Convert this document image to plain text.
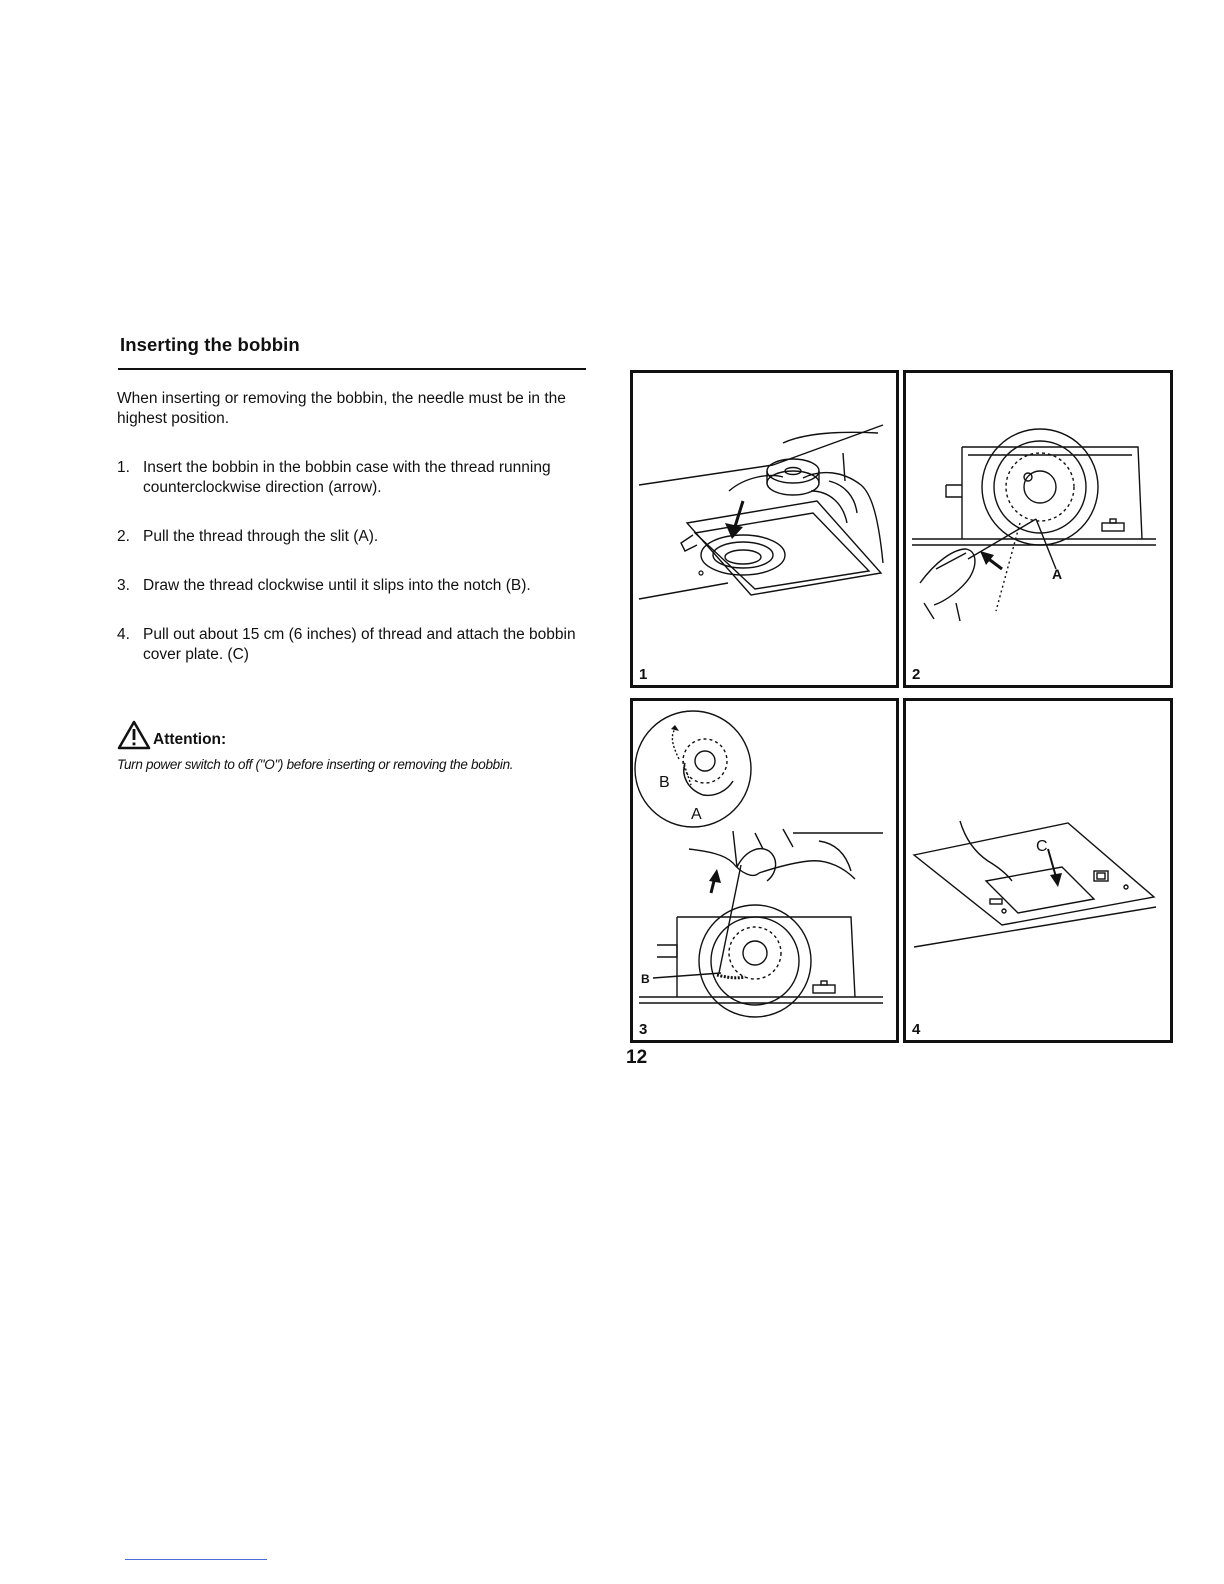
Inserting the bobbin
When inserting or removing the bobbin, the needle must be in the highest position.
1. Insert the bobbin in the bobbin case with the thread running counterclockwise direction (arrow).
2. Pull the thread through the slit (A).
3. Draw the thread clockwise until it slips into the notch (B).
4. Pull out about 15 cm (6 inches) of thread and attach the bobbin cover plate. (C)
Attention:
Turn power switch to off ("O") before inserting or removing the bobbin.
1
A
2
B
A
B
3
C
4
12
